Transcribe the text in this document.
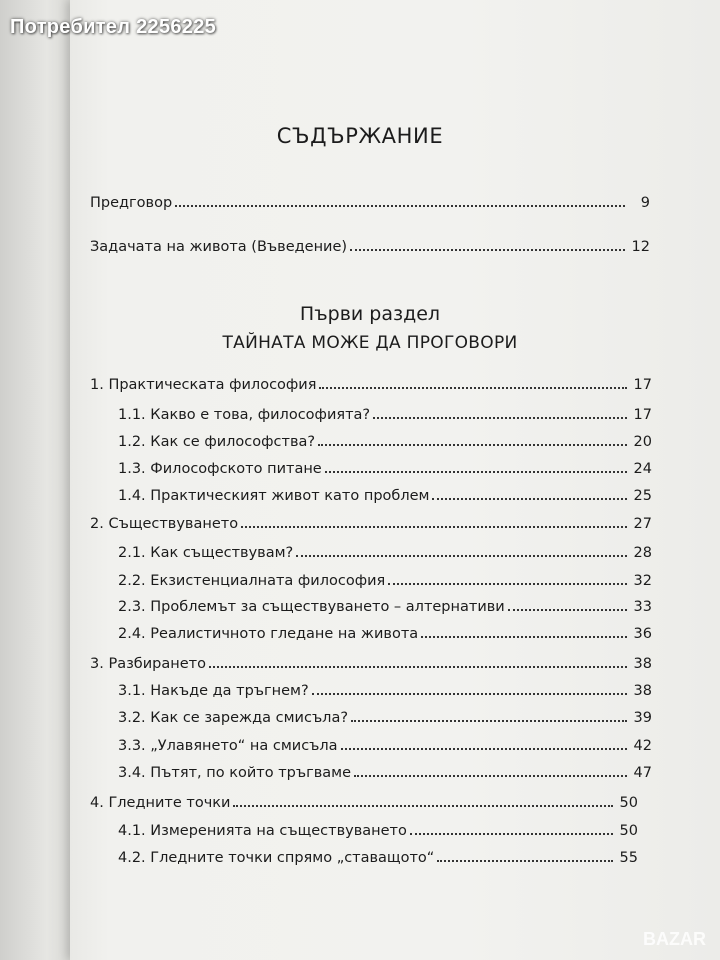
Потребител 2256225
СЪДЪРЖАНИЕ
Предговор	9
Задачата на живота (Въведение)	12
Първи раздел
ТАЙНАТА МОЖЕ ДА ПРОГОВОРИ
1. Практическата философия	17
1.1. Какво е това, философията?	17
1.2. Как се философства?	20
1.3. Философското питане	24
1.4. Практическият живот като проблем	25
2. Съществуването	27
2.1. Как съществувам?	28
2.2. Екзистенциалната философия	32
2.3. Проблемът за съществуването – алтернативи	33
2.4. Реалистичното гледане на живота	36
3. Разбирането	38
3.1. Накъде да тръгнем?	38
3.2. Как се зарежда смисъла?	39
3.3. „Улавянето“ на смисъла	42
3.4. Пътят, по който тръгваме	47
4. Гледните точки	50
4.1. Измеренията на съществуването	50
4.2. Гледните точки спрямо „ставащото“	55
BAZAR
